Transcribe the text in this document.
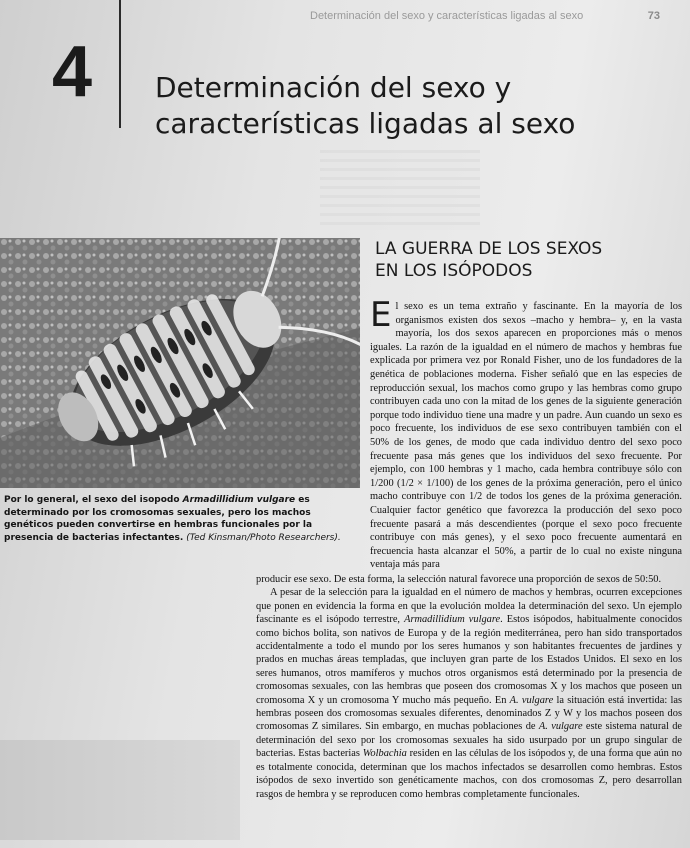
Determinación del sexo y características ligadas al sexo	73
4 Determinación del sexo y
características ligadas al sexo
Por lo general, el sexo del isopodo Armadillidium vulgare es determinado por los cromosomas sexuales, pero los machos genéticos pueden convertirse en hembras funcionales por la presencia de bacterias infectantes. (Ted Kinsman/Photo Researchers).
LA GUERRA DE LOS SEXOS
EN LOS ISÓPODOS

El sexo es un tema extraño y fascinante. En la mayoría de los organismos existen dos sexos –macho y hembra– y, en la vasta mayoría, los dos sexos aparecen en proporciones más o menos iguales. La razón de la igualdad en el número de machos y hembras fue explicada por primera vez por Ronald Fisher, uno de los fundadores de la genética de poblaciones moderna. Fisher señaló que en las especies de reproducción sexual, los machos como grupo y las hembras como grupo contribuyen cada uno con la mitad de los genes de la siguiente generación porque todo individuo tiene una madre y un padre. Aun cuando un sexo es poco frecuente, los individuos de ese sexo contribuyen también con el 50% de los genes, de modo que cada individuo dentro del sexo poco frecuente pasa más genes que los individuos del sexo frecuente. Por ejemplo, con 100 hembras y 1 macho, cada hembra contribuye sólo con 1/200 (1/2 × 1/100) de los genes de la próxima generación, pero el único macho contribuye con 1/2 de todos los genes de la próxima generación. Cualquier factor genético que favorezca la producción del sexo poco frecuente pasará a más descendientes (porque el sexo poco frecuente contribuye con más genes), y el sexo poco frecuente aumentará en frecuencia hasta alcanzar el 50%, a partir de lo cual no existe ninguna ventaja más para

producir ese sexo. De esta forma, la selección natural favorece una proporción de sexos de 50:50.

A pesar de la selección para la igualdad en el número de machos y hembras, ocurren excepciones que ponen en evidencia la forma en que la evolución moldea la determinación del sexo. Un ejemplo fascinante es el isópodo terrestre, Armadillidium vulgare. Estos isópodos, habitualmente conocidos como bichos bolita, son nativos de Europa y de la región mediterránea, pero han sido transportados accidentalmente a todo el mundo por los seres humanos y son habitantes frecuentes de jardines y prados en muchas áreas templadas, que incluyen gran parte de los Estados Unidos. El sexo en los seres humanos, otros mamíferos y muchos otros organismos está determinado por la presencia de cromosomas sexuales, con las hembras que poseen dos cromosomas X y los machos que poseen un cromosoma X y un cromosoma Y mucho más pequeño. En A. vulgare la situación está invertida: las hembras poseen dos cromosomas sexuales diferentes, denominados Z y W y los machos poseen dos cromosomas Z similares. Sin embargo, en muchas poblaciones de A. vulgare este sistema natural de determinación del sexo por los cromosomas sexuales ha sido usurpado por un grupo singular de bacterias. Estas bacterias Wolbachia residen en las células de los isópodos y, de una forma que aún no es totalmente conocida, determinan que los machos infectados se desarrollen como hembras. Estos isópodos de sexo invertido son genéticamente machos, con dos cromosomas Z, pero desarrollan rasgos de hembra y se reproducen como hembras completamente funcionales.
